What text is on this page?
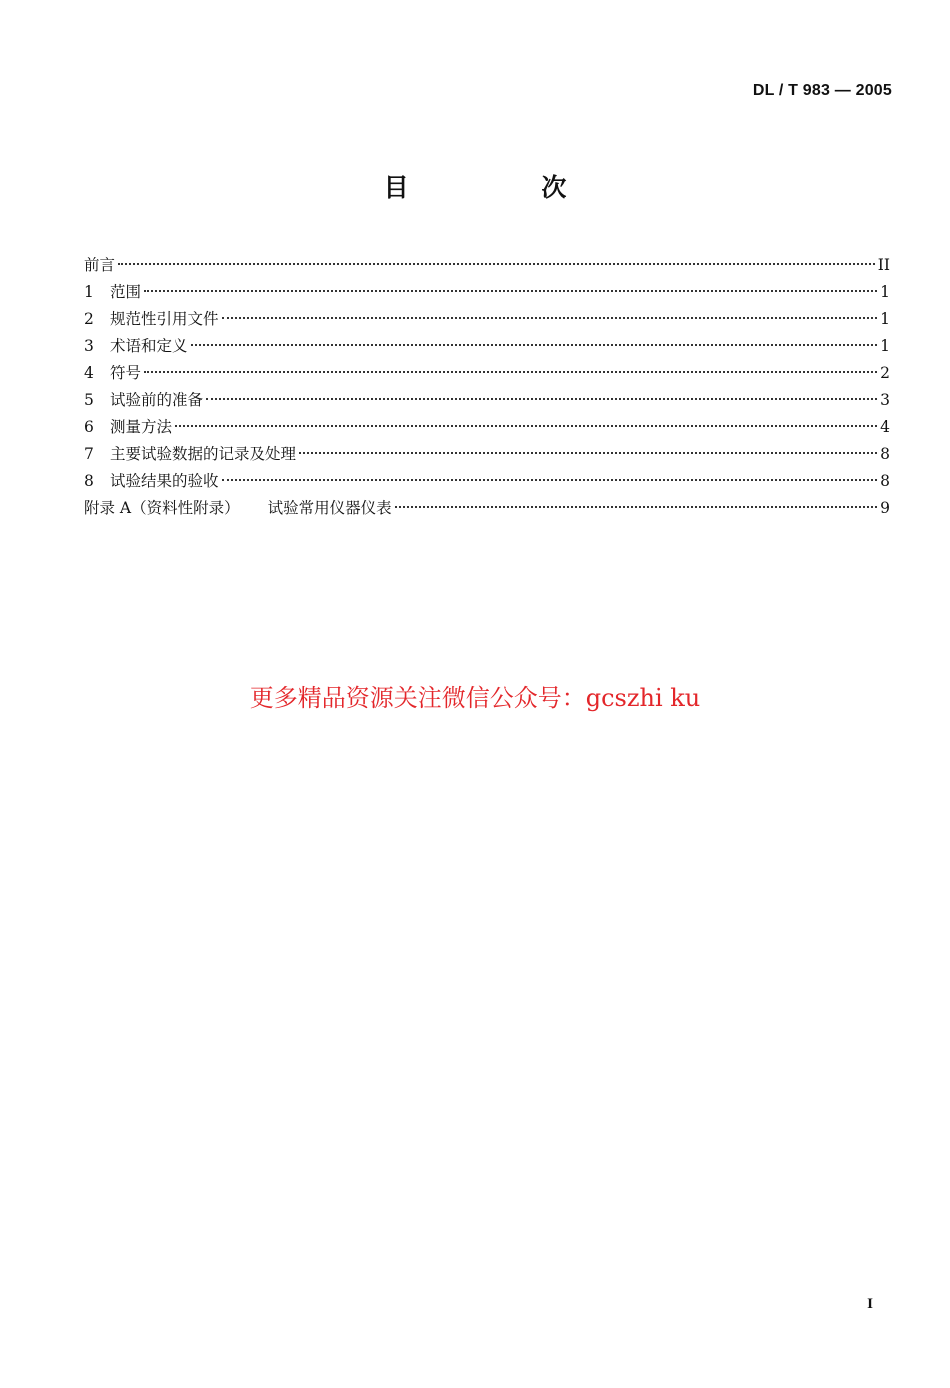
DL / T 983 — 2005
目 次
前言	II
1	范围	1
2	规范性引用文件	1
3	术语和定义	1
4	符号	2
5	试验前的准备	3
6	测量方法	4
7	主要试验数据的记录及处理	8
8	试验结果的验收	8
附录 A（资料性附录） 试验常用仪器仪表	9
更多精品资源关注微信公众号：gcszhi ku
I
